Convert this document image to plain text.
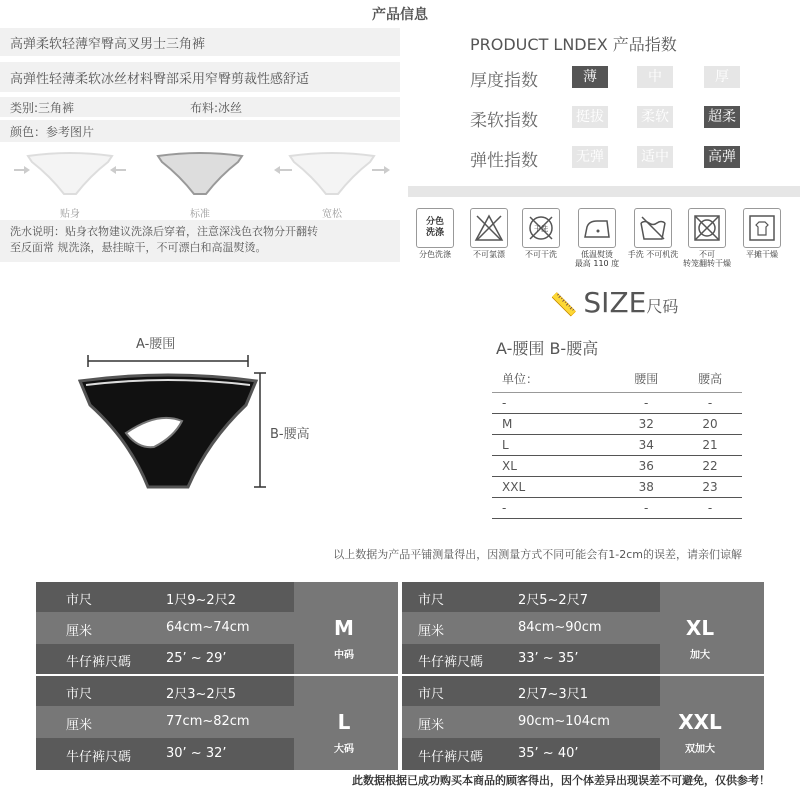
产品信息
高弹柔软轻薄窄臀高叉男士三角裤
高弹性轻薄柔软冰丝材料臀部采用窄臀剪裁性感舒适
类别:三角裤	布料:冰丝
颜色：参考图片
贴身	标准	宽松
洗水说明：贴身衣物建议洗涤后穿着，注意深浅色衣物分开翻转
至反面常 规洗涤，悬挂晾干，不可漂白和高温熨烫。
PRODUCT LNDEX 产品指数
厚度指数	薄	中	厚
柔软指数	挺拔	柔软	超柔
弹性指数	无弹	适中	高弹
分色
洗涤	干洗
分色洗涤	不可氯漂	不可干洗	低温熨烫
最高 110 度
手洗 不可机洗	不可
转笼翻转干燥
平摊干燥
A-腰围
B-腰高
📏 SIZE尺码
A-腰围 B-腰高
单位：	腰围	腰高
-	-	-
M	32	20
L	34	21
XL	36	22
XXL	38	23
-	-	-
以上数据为产品平铺测量得出，因测量方式不同可能会有1-2cm的误差，请亲们谅解
市尺	1尺9~2尺2
厘米	64cm~74cm
牛仔裤尺碼	25’ ~ 29’
M
中码
市尺	2尺5~2尺7
厘米	84cm~90cm
牛仔裤尺碼	33’ ~ 35’
XL
加大
市尺	2尺3~2尺5
厘米	77cm~82cm
牛仔裤尺碼	30’ ~ 32’
L
大码
市尺	2尺7~3尺1
厘米	90cm~104cm
牛仔裤尺碼	35’ ~ 40’
XXL
双加大
此数据根据已成功购买本商品的顾客得出，因个体差异出现误差不可避免，仅供参考！
